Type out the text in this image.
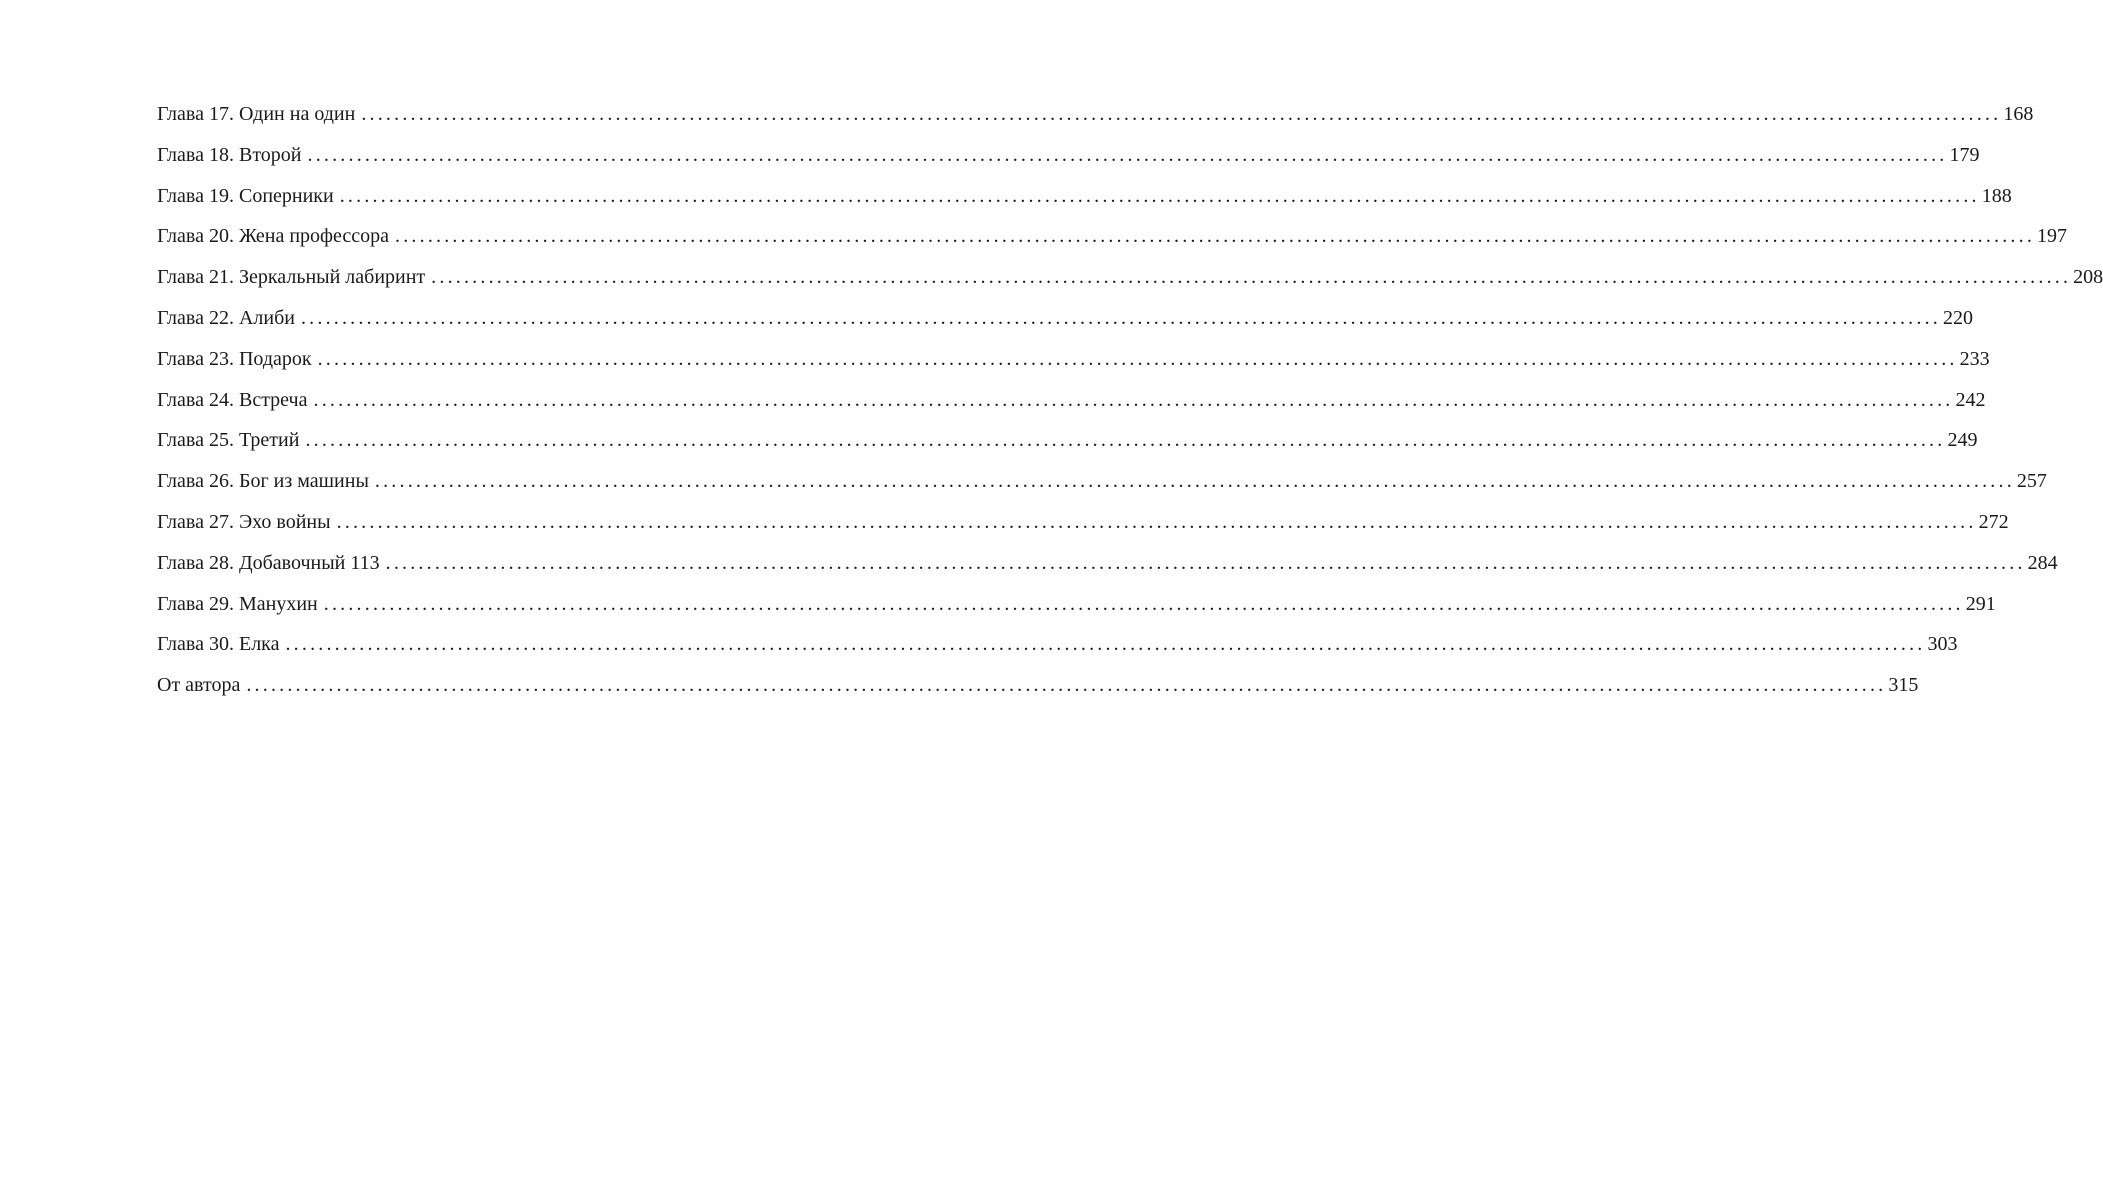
Глава 17. Один на один ........................................................................................................................................................................................................ 168
Глава 18. Второй ........................................................................................................................................................................................................ 179
Глава 19. Соперники ........................................................................................................................................................................................................ 188
Глава 20. Жена профессора ........................................................................................................................................................................................................ 197
Глава 21. Зеркальный лабиринт ........................................................................................................................................................................................................ 208
Глава 22. Алиби ........................................................................................................................................................................................................ 220
Глава 23. Подарок ........................................................................................................................................................................................................ 233
Глава 24. Встреча ........................................................................................................................................................................................................ 242
Глава 25. Третий ........................................................................................................................................................................................................ 249
Глава 26. Бог из машины ........................................................................................................................................................................................................ 257
Глава 27. Эхо войны ........................................................................................................................................................................................................ 272
Глава 28. Добавочный 113 ........................................................................................................................................................................................................ 284
Глава 29. Манухин ........................................................................................................................................................................................................ 291
Глава 30. Елка ........................................................................................................................................................................................................ 303
От автора ........................................................................................................................................................................................................ 315
